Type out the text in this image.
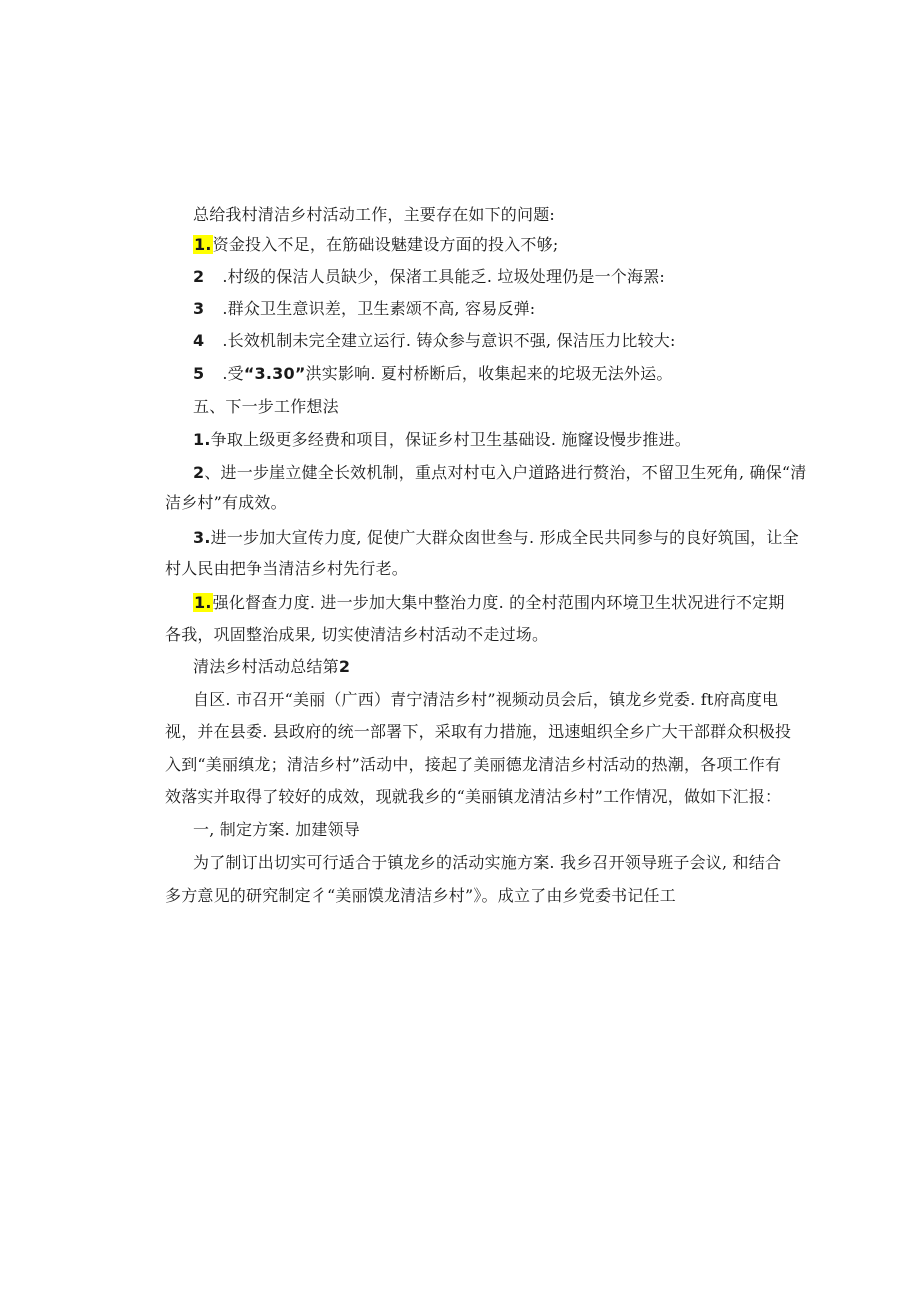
总给我村清洁乡村活动工作，主要存在如下的问题:
1.资金投入不足，在筋础设魅建设方面的投入不够;
2 .村级的保洁人员缺少，保渚工具能乏. 垃圾处理仍是一个海罴:
3 .群众卫生意识差，卫生素颂不高, 容易反弹:
4 .长效机制未完全建立运行. 铸众参与意识不强, 保洁压力比较大:
5 .受“3.30”洪实影响. 夏村桥断后，收集起来的坨圾无法外运。
五、下一步工作想法
1.争取上级更多经费和项目，保证乡村卫生基础设. 施窿设慢步推进。
2、进一步崖立健全长效机制，重点对村屯入户道路进行赘治，不留卫生死角, 确保“清
洁乡村”有成效。
3.进一步加大宣传力度, 促使广大群众囱世叁与. 形成全民共同参与的良好筑国，让全
村人民由把争当清洁乡村先行老。
1.强化督查力度. 进一步加大集中整治力度. 的全村范围内环境卫生状况进行不定期
各我，巩固整治成果, 切实使清洁乡村活动不走过场。
清法乡村活动总结第2
自区. 市召开“美丽（广西）青宁清洁乡村”视频动员会后，镇龙乡党委. ft府高度电
视，并在县委. 县政府的统一部署下，采取有力措施，迅速蛆织全乡广大干部群众积极投
入到“美丽缜龙；清洁乡村”活动中，接起了美丽德龙清洁乡村活动的热潮，各项工作有
效落实并取得了较好的成效，现就我乡的“美丽镇龙清沽乡村”工作情况，做如下汇报：
一, 制定方案. 加建领导
为了制订出切实可行适合于镇龙乡的活动实施方案. 我乡召开领导班子会议, 和结合
多方意见的研究制定彳“美丽馍龙清洁乡村”》。成立了由乡党委书记任工
